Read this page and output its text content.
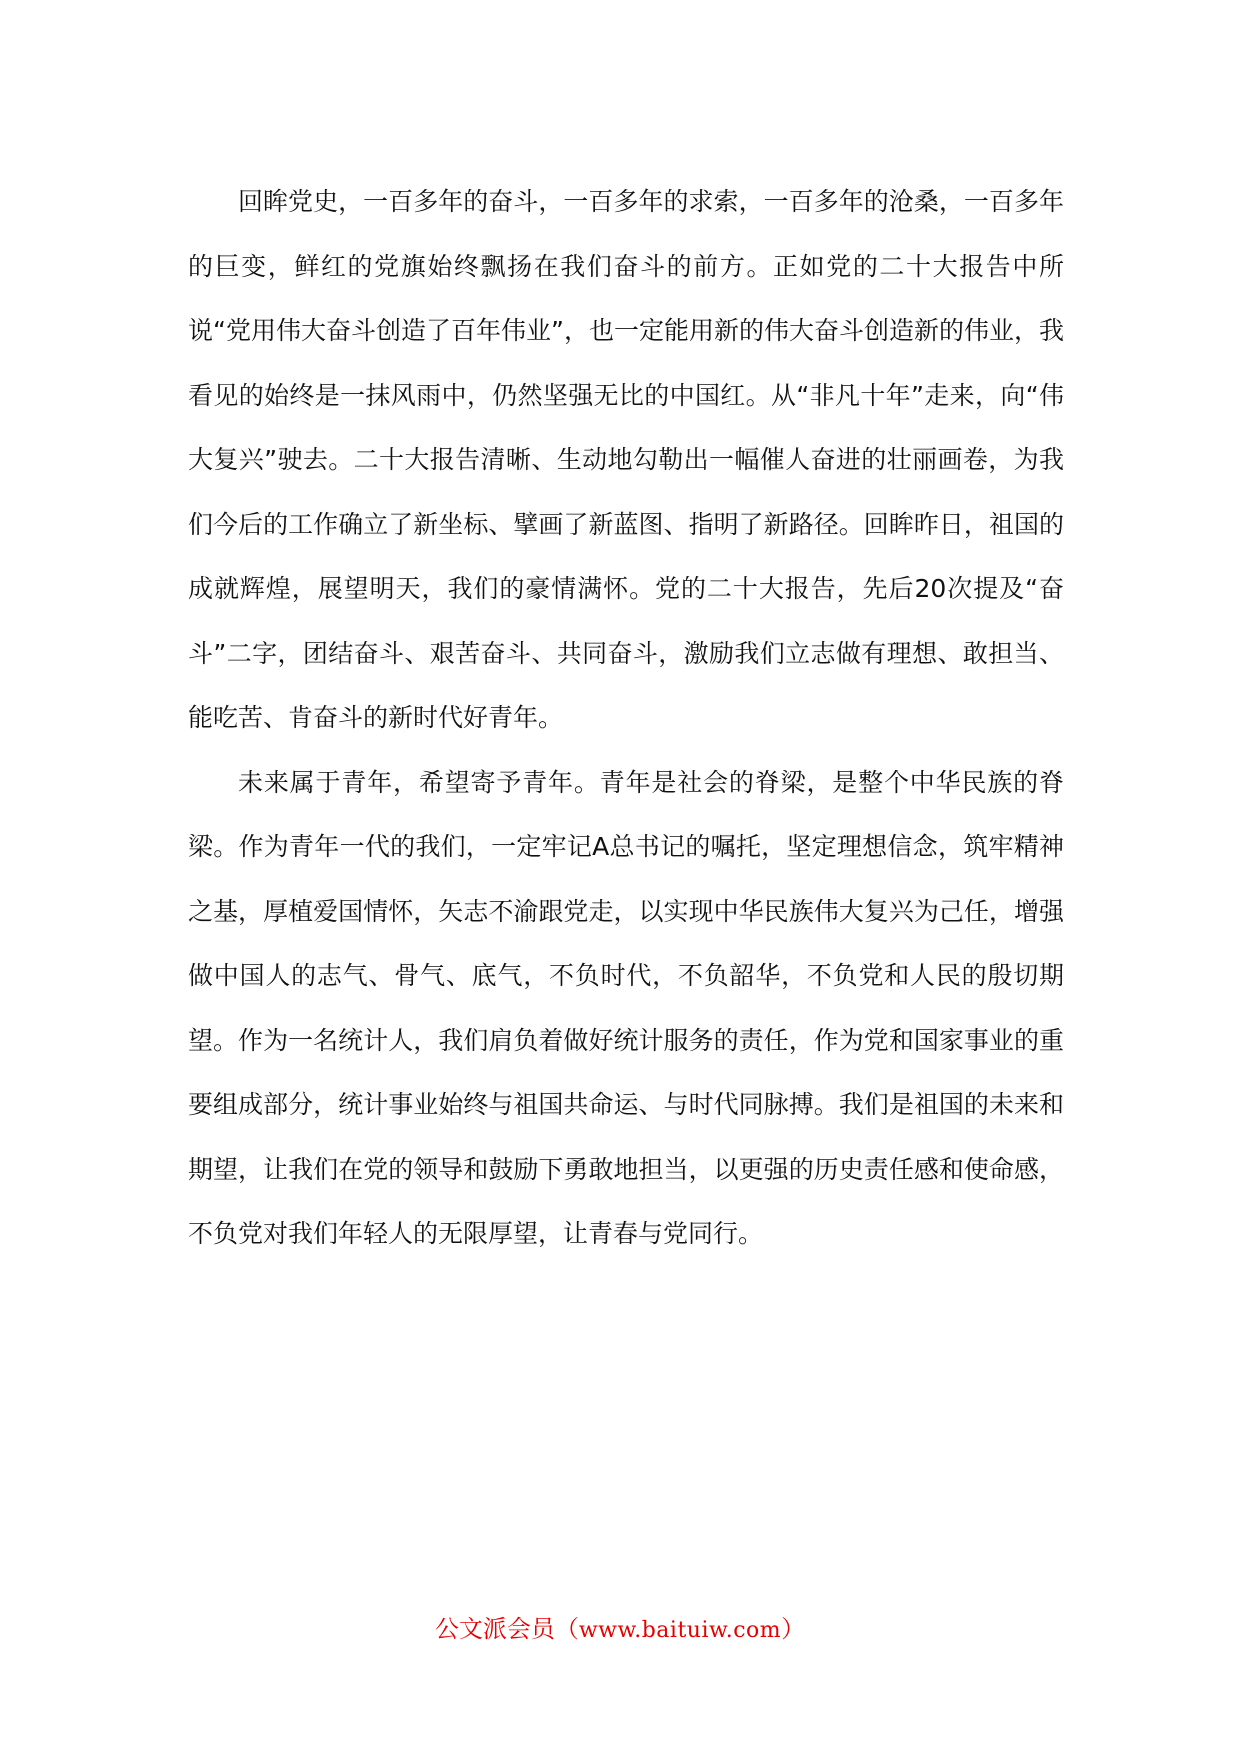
回眸党史，一百多年的奋斗，一百多年的求索，一百多年的沧桑，一百多年的巨变，鲜红的党旗始终飘扬在我们奋斗的前方。正如党的二十大报告中所说“党用伟大奋斗创造了百年伟业”，也一定能用新的伟大奋斗创造新的伟业，我看见的始终是一抹风雨中，仍然坚强无比的中国红。从“非凡十年”走来，向“伟大复兴”驶去。二十大报告清晰、生动地勾勒出一幅催人奋进的壮丽画卷，为我们今后的工作确立了新坐标、擘画了新蓝图、指明了新路径。回眸昨日，祖国的成就辉煌，展望明天，我们的豪情满怀。党的二十大报告，先后20次提及“奋斗”二字，团结奋斗、艰苦奋斗、共同奋斗，激励我们立志做有理想、敢担当、能吃苦、肯奋斗的新时代好青年。

未来属于青年，希望寄予青年。青年是社会的脊梁，是整个中华民族的脊梁。作为青年一代的我们，一定牢记A总书记的嘱托，坚定理想信念，筑牢精神之基，厚植爱国情怀，矢志不渝跟党走，以实现中华民族伟大复兴为己任，增强做中国人的志气、骨气、底气，不负时代，不负韶华，不负党和人民的殷切期望。作为一名统计人，我们肩负着做好统计服务的责任，作为党和国家事业的重要组成部分，统计事业始终与祖国共命运、与时代同脉搏。我们是祖国的未来和期望，让我们在党的领导和鼓励下勇敢地担当，以更强的历史责任感和使命感，不负党对我们年轻人的无限厚望，让青春与党同行。

公文派会员（www.baituiw.com）
